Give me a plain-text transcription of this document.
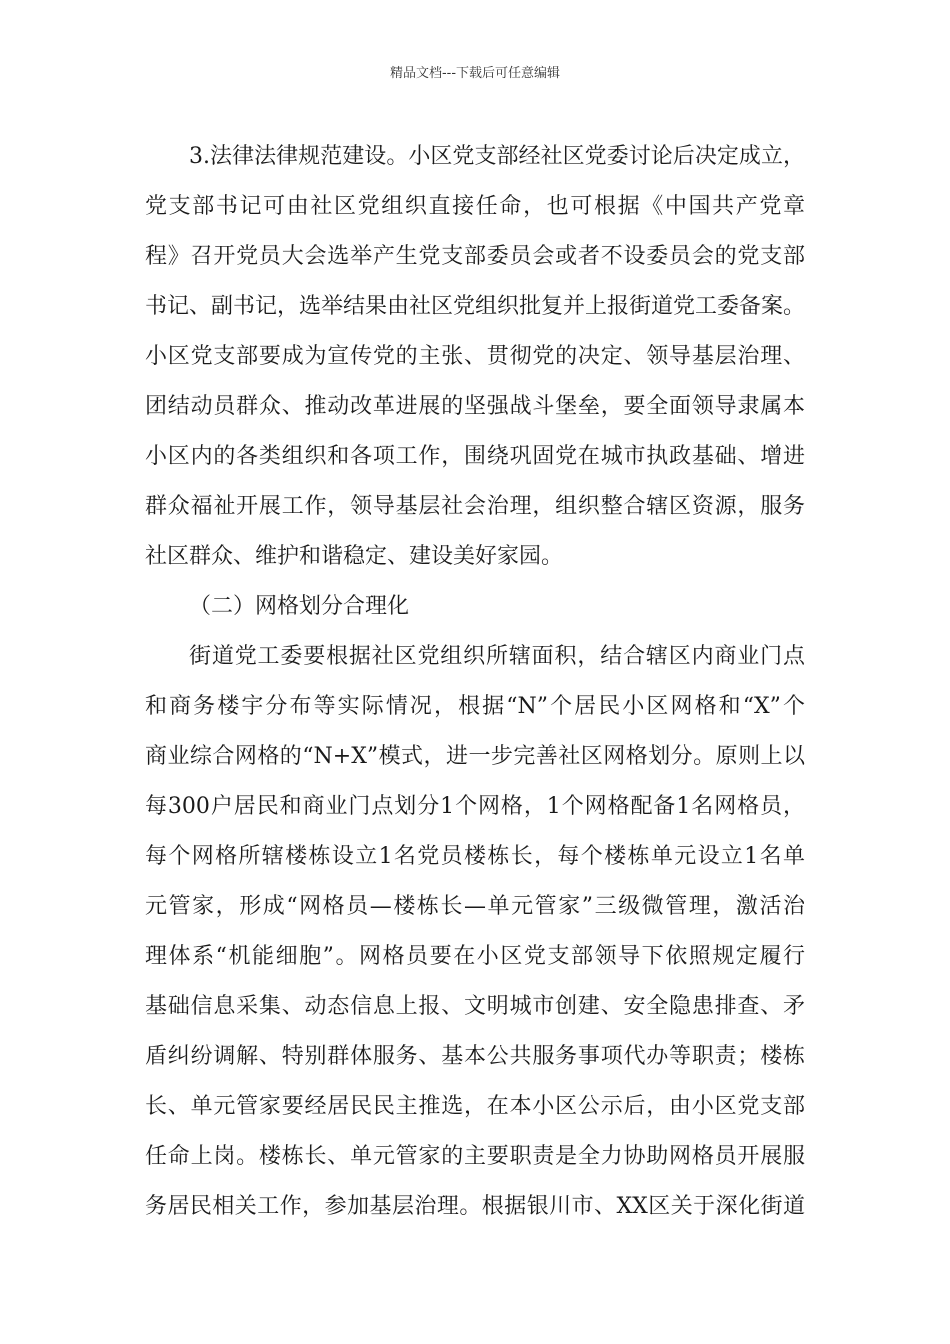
精品文档---下载后可任意编辑
3.法律法律规范建设。小区党支部经社区党委讨论后决定成立，
党支部书记可由社区党组织直接任命，也可根据《中国共产党章
程》召开党员大会选举产生党支部委员会或者不设委员会的党支部
书记、副书记，选举结果由社区党组织批复并上报街道党工委备案。
小区党支部要成为宣传党的主张、贯彻党的决定、领导基层治理、
团结动员群众、推动改革进展的坚强战斗堡垒，要全面领导隶属本
小区内的各类组织和各项工作，围绕巩固党在城市执政基础、增进
群众福祉开展工作，领导基层社会治理，组织整合辖区资源，服务
社区群众、维护和谐稳定、建设美好家园。
（二）网格划分合理化
街道党工委要根据社区党组织所辖面积，结合辖区内商业门点
和商务楼宇分布等实际情况，根据“N”个居民小区网格和“X”个
商业综合网格的“N+X”模式，进一步完善社区网格划分。原则上以
每300户居民和商业门点划分1个网格，1个网格配备1名网格员，
每个网格所辖楼栋设立1名党员楼栋长，每个楼栋单元设立1名单
元管家，形成“网格员—楼栋长—单元管家”三级微管理，激活治
理体系“机能细胞”。网格员要在小区党支部领导下依照规定履行
基础信息采集、动态信息上报、文明城市创建、安全隐患排查、矛
盾纠纷调解、特别群体服务、基本公共服务事项代办等职责；楼栋
长、单元管家要经居民民主推选，在本小区公示后，由小区党支部
任命上岗。楼栋长、单元管家的主要职责是全力协助网格员开展服
务居民相关工作，参加基层治理。根据银川市、XX区关于深化街道
